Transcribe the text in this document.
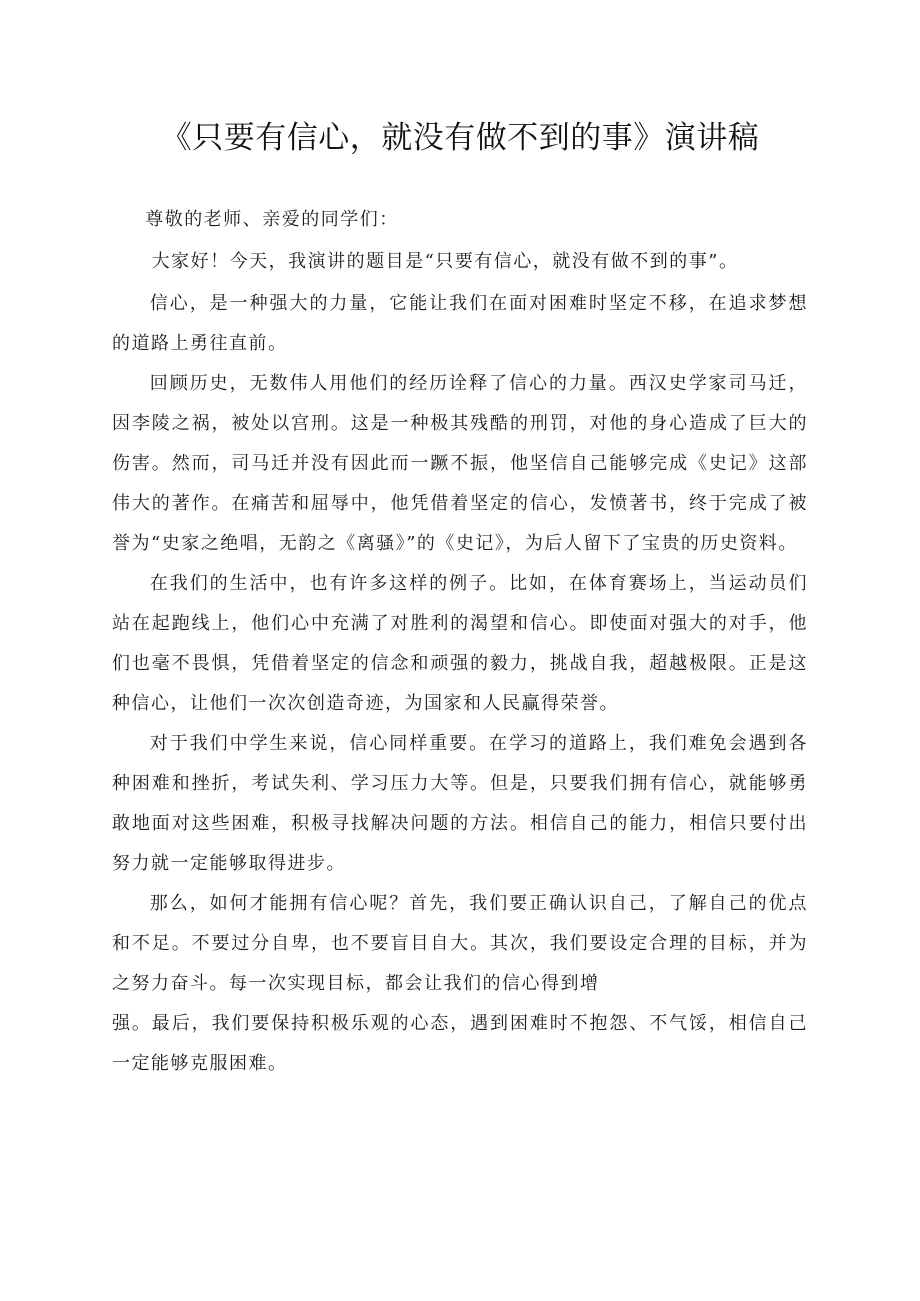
《只要有信心，就没有做不到的事》演讲稿

尊敬的老师、亲爱的同学们：

大家好！今天，我演讲的题目是“只要有信心，就没有做不到的事”。

信心，是一种强大的力量，它能让我们在面对困难时坚定不移，在追求梦想的道路上勇往直前。

回顾历史，无数伟人用他们的经历诠释了信心的力量。西汉史学家司马迁，因李陵之祸，被处以宫刑。这是一种极其残酷的刑罚，对他的身心造成了巨大的伤害。然而，司马迁并没有因此而一蹶不振，他坚信自己能够完成《史记》这部伟大的著作。在痛苦和屈辱中，他凭借着坚定的信心，发愤著书，终于完成了被誉为“史家之绝唱，无韵之《离骚》”的《史记》，为后人留下了宝贵的历史资料。

在我们的生活中，也有许多这样的例子。比如，在体育赛场上，当运动员们站在起跑线上，他们心中充满了对胜利的渴望和信心。即使面对强大的对手，他们也毫不畏惧，凭借着坚定的信念和顽强的毅力，挑战自我，超越极限。正是这种信心，让他们一次次创造奇迹，为国家和人民赢得荣誉。

对于我们中学生来说，信心同样重要。在学习的道路上，我们难免会遇到各种困难和挫折，考试失利、学习压力大等。但是，只要我们拥有信心，就能够勇敢地面对这些困难，积极寻找解决问题的方法。相信自己的能力，相信只要付出努力就一定能够取得进步。

那么，如何才能拥有信心呢？首先，我们要正确认识自己，了解自己的优点和不足。不要过分自卑，也不要盲目自大。其次，我们要设定合理的目标，并为之努力奋斗。每一次实现目标，都会让我们的信心得到增

强。最后，我们要保持积极乐观的心态，遇到困难时不抱怨、不气馁，相信自己一定能够克服困难。
